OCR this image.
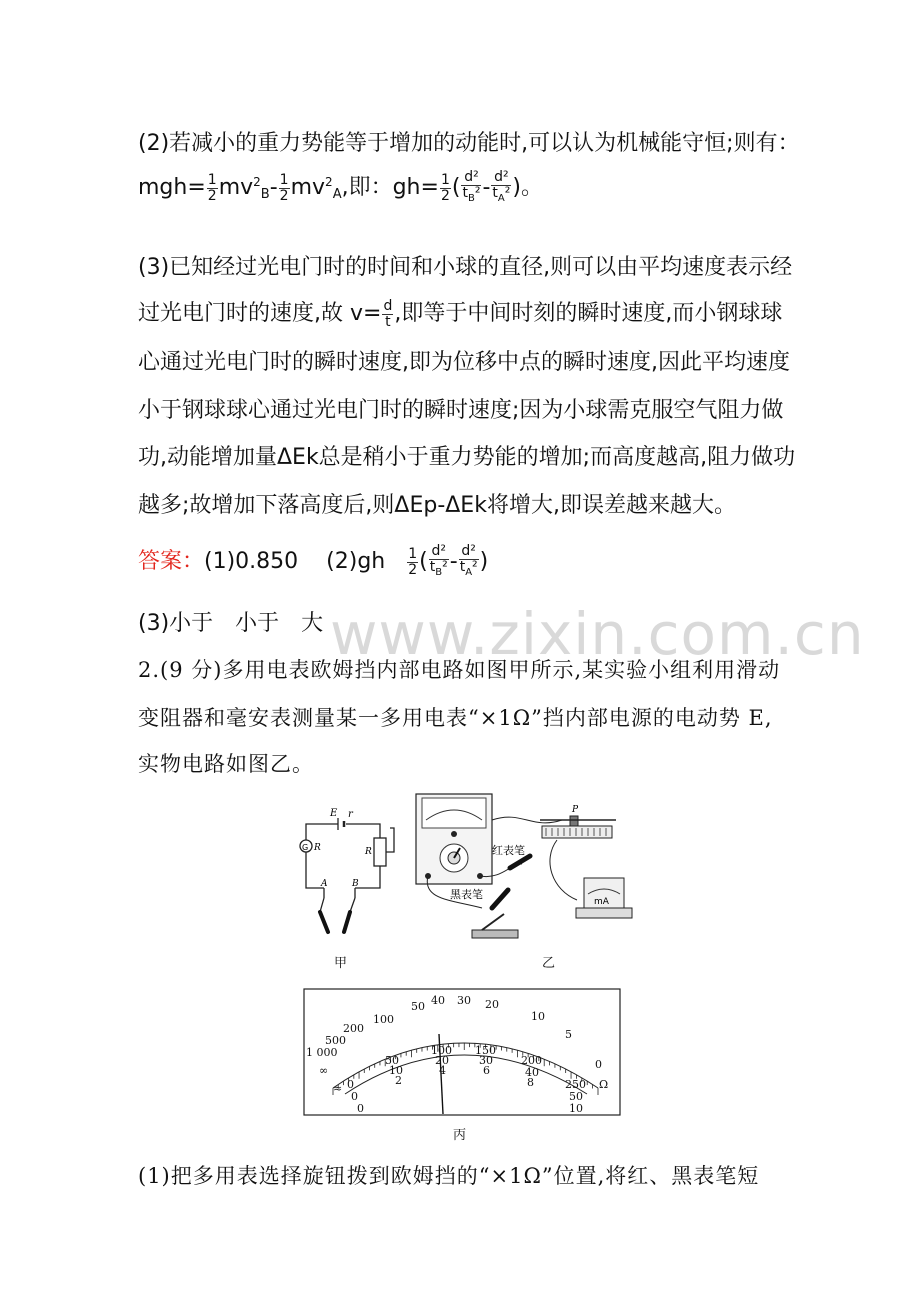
(2)若减小的重力势能等于增加的动能时,可以认为机械能守恒;则有：
$mgh= \frac{1}{2} mv^2_B- \frac{1}{2} mv^2_A$,即：$gh= \frac{1}{2}$ ( $\frac{\text{d²}}{t_B^2} - \frac{\text{d²}}{t_A^2}$ )。
(3)已知经过光电门时的时间和小球的直径,则可以由平均速度表示经
过光电门时的速度,故 $v= \frac{d}{t}$ ,即等于中间时刻的瞬时速度,而小钢球球
心通过光电门时的瞬时速度,即为位移中点的瞬时速度,因此平均速度
小于钢球球心通过光电门时的瞬时速度;因为小球需克服空气阻力做
功,动能增加量ΔEk总是稍小于重力势能的增加;而高度越高,阻力做功
越多;故增加下落高度后,则ΔEp-ΔEk将增大,即误差越来越大。
答案：(1)0.850 $(2)gh \frac{1}{2}$ ( $\frac{\text{d²}}{t_B^2} - \frac{\text{d²}}{t_A^2}$ )
(3)小于　小于　大 www.zixin.com.cn
2.(9 分)多用电表欧姆挡内部电路如图甲所示,某实验小组利用滑动
变阻器和毫安表测量某一多用电表“×1Ω”挡内部电源的电动势 E,
实物电路如图乙。
E r
G R	R
A	B
甲
P
红表笔
黑表笔
mA
乙
1 000
500
200
100
50 40 30 20
10
5
0
∞
Ω
≈ 0
50
100 150
200
250
0
10
20	30
40
50
0
2
4	6
8
10
丙
(1)把多用表选择旋钮拨到欧姆挡的“×1Ω”位置,将红、黑表笔短
